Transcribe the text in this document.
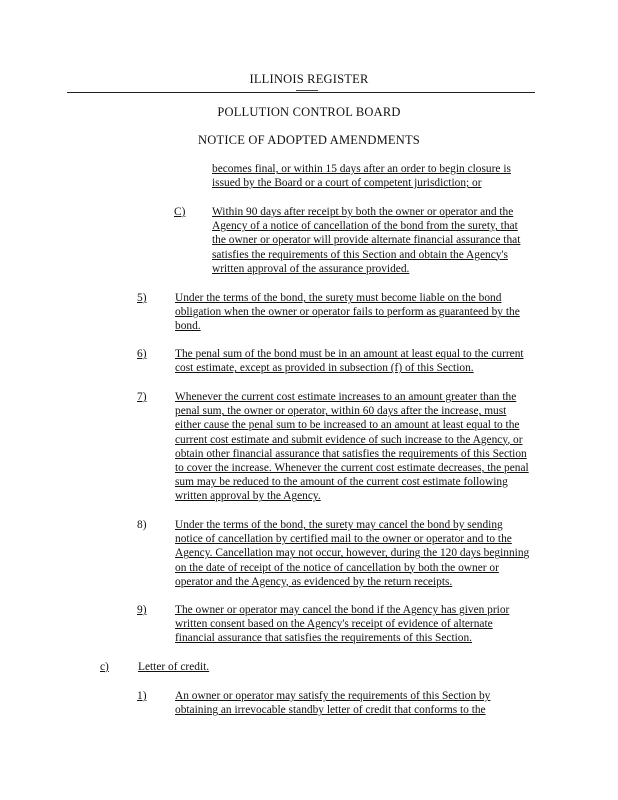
ILLINOIS REGISTER
POLLUTION CONTROL BOARD
NOTICE OF ADOPTED AMENDMENTS
becomes final, or within 15 days after an order to begin closure is issued by the Board or a court of competent jurisdiction; or
C) Within 90 days after receipt by both the owner or operator and the Agency of a notice of cancellation of the bond from the surety, that the owner or operator will provide alternate financial assurance that satisfies the requirements of this Section and obtain the Agency's written approval of the assurance provided.
5)	Under the terms of the bond, the surety must become liable on the bond obligation when the owner or operator fails to perform as guaranteed by the bond.
6)	The penal sum of the bond must be in an amount at least equal to the current cost estimate, except as provided in subsection (f) of this Section.
7)	Whenever the current cost estimate increases to an amount greater than the penal sum, the owner or operator, within 60 days after the increase, must either cause the penal sum to be increased to an amount at least equal to the current cost estimate and submit evidence of such increase to the Agency, or obtain other financial assurance that satisfies the requirements of this Section to cover the increase. Whenever the current cost estimate decreases, the penal sum may be reduced to the amount of the current cost estimate following written approval by the Agency.
8)	Under the terms of the bond, the surety may cancel the bond by sending notice of cancellation by certified mail to the owner or operator and to the Agency. Cancellation may not occur, however, during the 120 days beginning on the date of receipt of the notice of cancellation by both the owner or operator and the Agency, as evidenced by the return receipts.
9)	The owner or operator may cancel the bond if the Agency has given prior written consent based on the Agency's receipt of evidence of alternate financial assurance that satisfies the requirements of this Section.
c)	Letter of credit.
1)	An owner or operator may satisfy the requirements of this Section by obtaining an irrevocable standby letter of credit that conforms to the
